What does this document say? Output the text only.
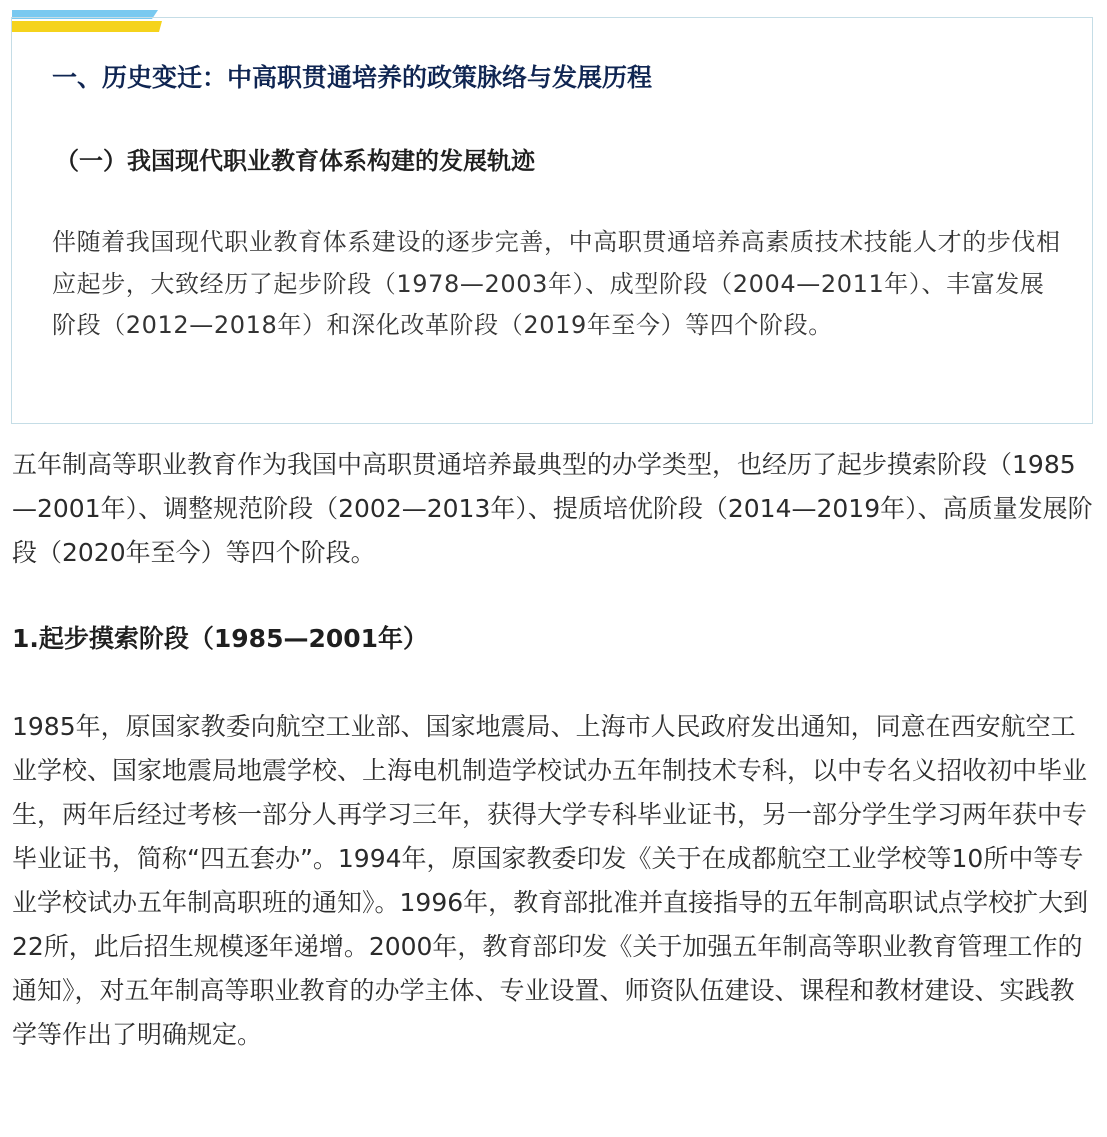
一、历史变迁：中高职贯通培养的政策脉络与发展历程
（一）我国现代职业教育体系构建的发展轨迹
伴随着我国现代职业教育体系建设的逐步完善，中高职贯通培养高素质技术技能人才的步伐相应起步，大致经历了起步阶段（1978—2003年）、成型阶段（2004—2011年）、丰富发展阶段（2012—2018年）和深化改革阶段（2019年至今）等四个阶段。

五年制高等职业教育作为我国中高职贯通培养最典型的办学类型，也经历了起步摸索阶段（1985—2001年）、调整规范阶段（2002—2013年）、提质培优阶段（2014—2019年）、高质量发展阶段（2020年至今）等四个阶段。

1.起步摸索阶段（1985—2001年）

1985年，原国家教委向航空工业部、国家地震局、上海市人民政府发出通知，同意在西安航空工业学校、国家地震局地震学校、上海电机制造学校试办五年制技术专科，以中专名义招收初中毕业生，两年后经过考核一部分人再学习三年，获得大学专科毕业证书，另一部分学生学习两年获中专毕业证书，简称“四五套办”。1994年，原国家教委印发《关于在成都航空工业学校等10所中等专业学校试办五年制高职班的通知》。1996年，教育部批准并直接指导的五年制高职试点学校扩大到22所，此后招生规模逐年递增。2000年，教育部印发《关于加强五年制高等职业教育管理工作的通知》，对五年制高等职业教育的办学主体、专业设置、师资队伍建设、课程和教材建设、实践教学等作出了明确规定。
